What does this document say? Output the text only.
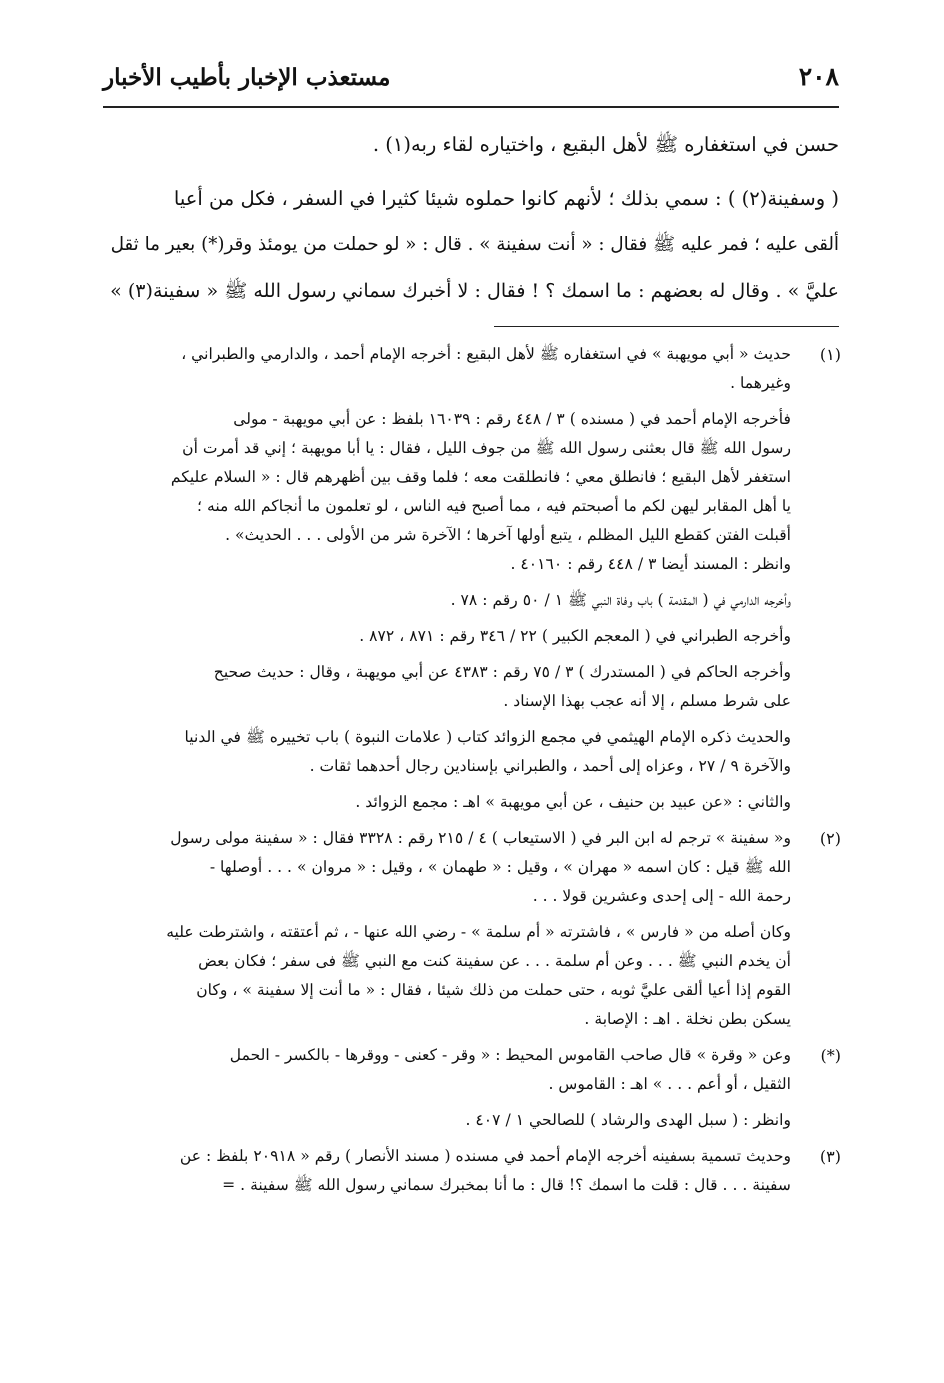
٢٠٨
مستعذب الإخبار بأطيب الأخبار
حسن في استغفاره ﷺ لأهل البقيع ، واختياره لقاء ربه(١) .
( وسفينة(٢) ) : سمي بذلك ؛ لأنهم كانوا حملوه شيئا كثيرا في السفر ، فكل من أعيا
ألقى عليه ؛ فمر عليه ﷺ فقال : « أنت سفينة » . قال : « لو حملت من يومئذ وقر(*) بعير ما ثقل
عليَّ » . وقال له بعضهم : ما اسمك ؟ ! فقال : لا أخبرك سماني رسول الله ﷺ « سفينة(٣) »
(١)
حديث « أبي مويهبة » في استغفاره ﷺ لأهل البقيع : أخرجه الإمام أحمد ، والدارمي والطبراني ،
وغيرهما .
فأخرجه الإمام أحمد في ( مسنده ) ٣ / ٤٤٨ رقم : ١٦٠٣٩ بلفظ : عن أبي مويهبة - مولى
رسول الله ﷺ قال بعثنى رسول الله ﷺ من جوف الليل ، فقال : يا أبا مويهبة ؛ إني قد أمرت أن
استغفر لأهل البقيع ؛ فانطلق معي ؛ فانطلقت معه ؛ فلما وقف بين أظهرهم قال : « السلام عليكم
يا أهل المقابر ليهن لكم ما أصبحتم فيه ، مما أصبح فيه الناس ، لو تعلمون ما أنجاكم الله منه ؛
أقبلت الفتن كقطع الليل المظلم ، يتبع أولها آخرها ؛ الآخرة شر من الأولى . . . الحديث» .
وانظر : المسند أيضا ٣ / ٤٤٨ رقم : ٤٠١٦٠ .
وأخرجه الدارمي في ( المقدمة ) باب وفاة النبي ﷺ ١ / ٥٠ رقم : ٧٨ .
وأخرجه الطبراني في ( المعجم الكبير ) ٢٢ / ٣٤٦ رقم : ٨٧١ ، ٨٧٢ .
وأخرجه الحاكم في ( المستدرك ) ٣ / ٧٥ رقم : ٤٣٨٣ عن أبي مويهبة ، وقال : حديث صحيح
على شرط مسلم ، إلا أنه عجب بهذا الإسناد .
والحديث ذكره الإمام الهيثمي في مجمع الزوائد كتاب ( علامات النبوة ) باب تخييره ﷺ في الدنيا
والآخرة ٩ / ٢٧ ، وعزاه إلى أحمد ، والطبراني بإسنادين رجال أحدهما ثقات .
والثاني : «عن عبيد بن حنيف ، عن أبي مويهبة » اهـ : مجمع الزوائد .
(٢)
و« سفينة » ترجم له ابن البر في ( الاستيعاب ) ٤ / ٢١٥ رقم : ٣٣٢٨ فقال : « سفينة مولى رسول
الله ﷺ قيل : كان اسمه « مهران » ، وقيل : « طهمان » ، وقيل : « مروان » . . . أوصلها -
رحمة الله - إلى إحدى وعشرين قولا . . .
وكان أصله من « فارس » ، فاشترته « أم سلمة » - رضي الله عنها - ، ثم أعتقته ، واشترطت عليه
أن يخدم النبي ﷺ . . . وعن أم سلمة . . . عن سفينة كنت مع النبي ﷺ فى سفر ؛ فكان بعض
القوم إذا أعيا ألقى عليَّ ثوبه ، حتى حملت من ذلك شيئا ، فقال : « ما أنت إلا سفينة » ، وكان
يسكن بطن نخلة . اهـ : الإصابة .
(*)
وعن « وقرة » قال صاحب القاموس المحيط : « وقر - كعنى - ووقرها - بالكسر - الحمل
الثقيل ، أو أعم . . . » اهـ : القاموس .
وانظر : ( سبل الهدى والرشاد ) للصالحي ١ / ٤٠٧ .
(٣)
وحديث تسمية بسفينه أخرجه الإمام أحمد في مسنده ( مسند الأنصار ) رقم « ٢٠٩١٨ بلفظ : عن
سفينة . . . قال : قلت ما اسمك ؟! قال : ما أنا بمخبرك سماني رسول الله ﷺ سفينة . =
